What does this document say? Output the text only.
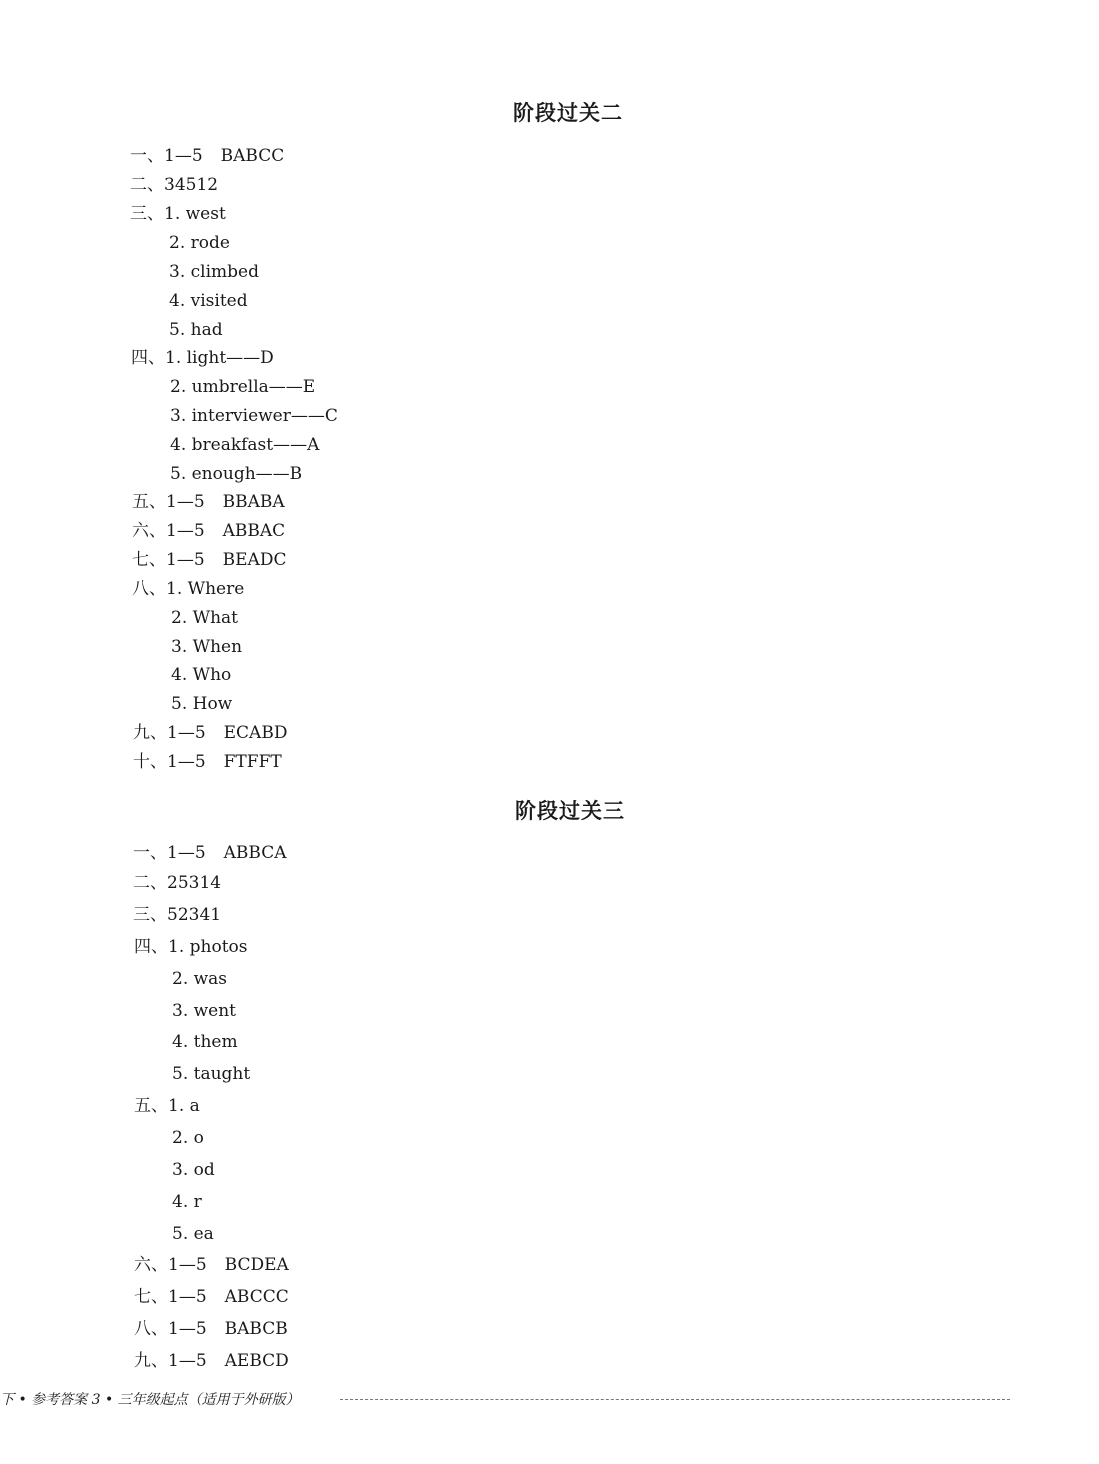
阶段过关二
一、1—5 BABCC
二、34512
三、1. west
2. rode
3. climbed
4. visited
5. had
四、1. light——D
2. umbrella——E
3. interviewer——C
4. breakfast——A
5. enough——B
五、1—5 BBABA
六、1—5 ABBAC
七、1—5 BEADC
八、1. Where
2. What
3. When
4. Who
5. How
九、1—5 ECABD
十、1—5 FTFFT
阶段过关三
一、1—5 ABBCA
二、25314
三、52341
四、1. photos
2. was
3. went
4. them
5. taught
五、1. a
2. o
3. od
4. r
5. ea
六、1—5 BCDEA
七、1—5 ABCCC
八、1—5 BABCB
九、1—5 AEBCD
下 • 参考答案 3 • 三年级起点（适用于外研版）
